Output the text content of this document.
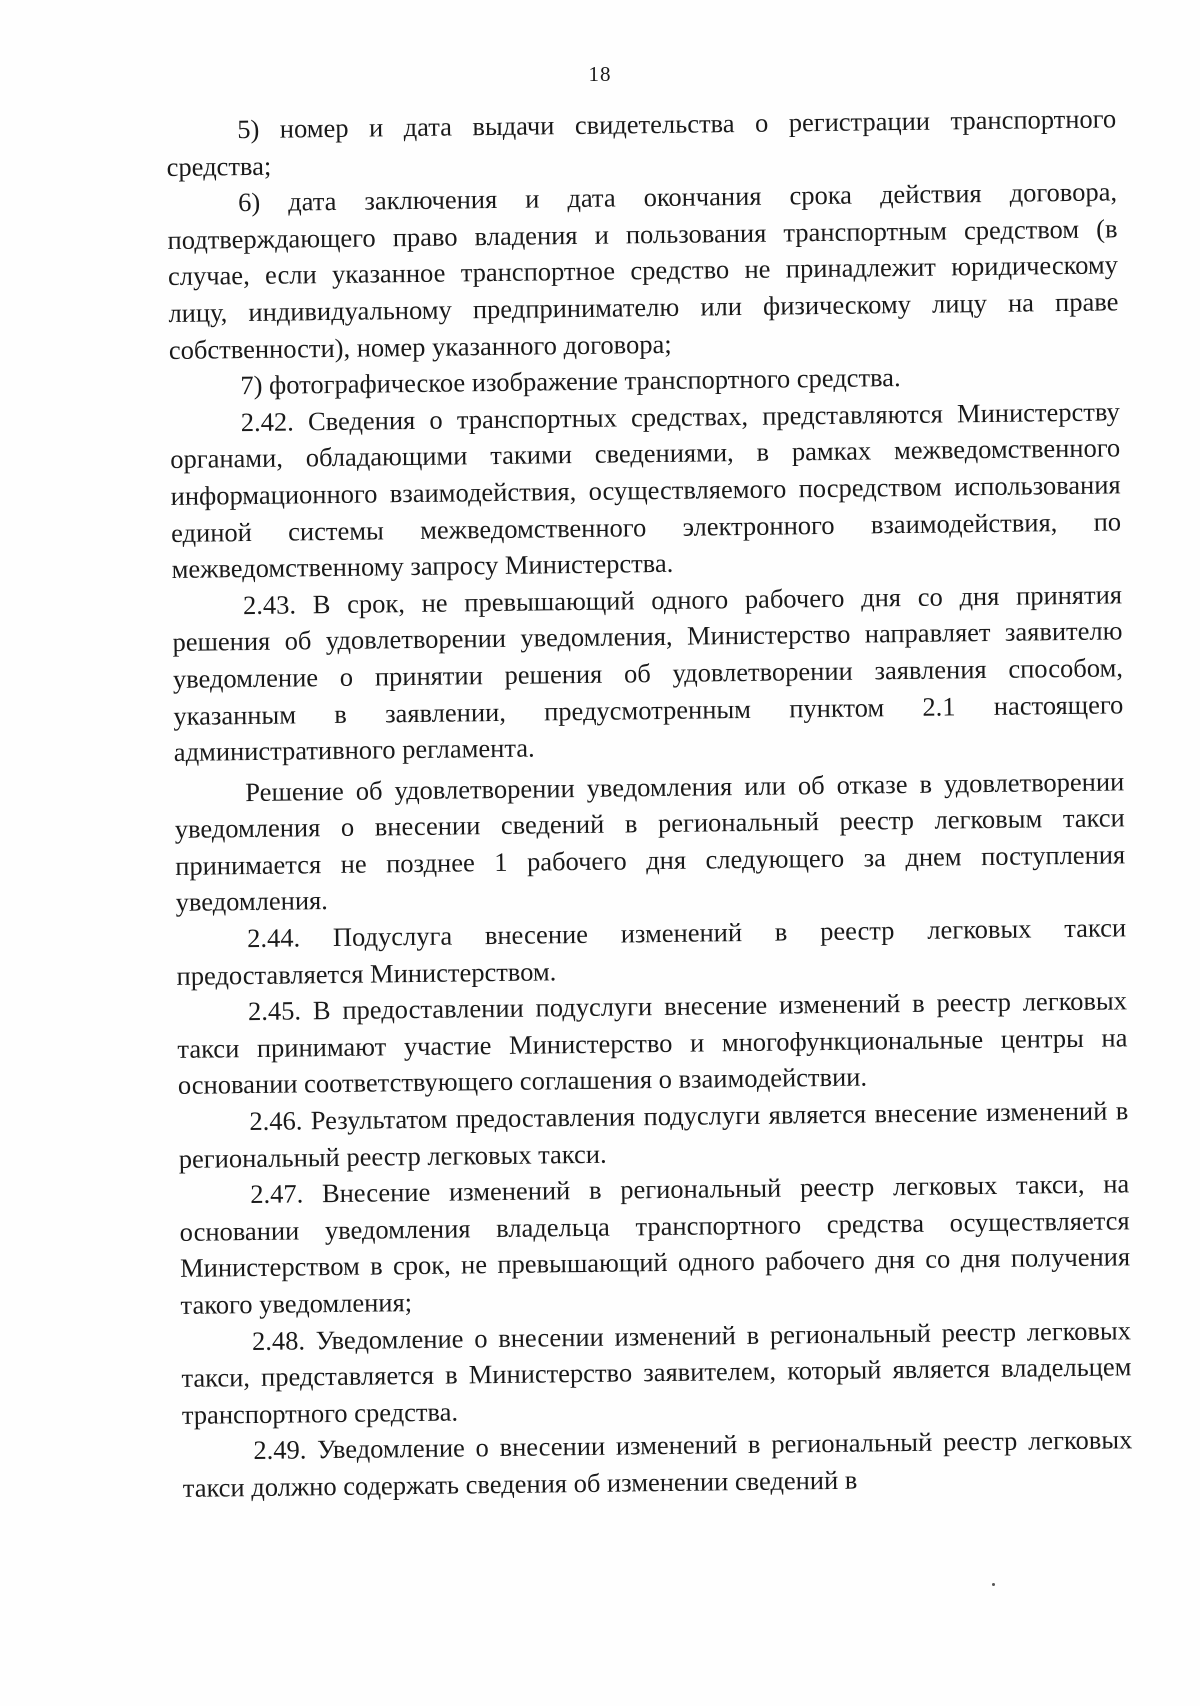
18

5) номер и дата выдачи свидетельства о регистрации транспортного средства;

6) дата заключения и дата окончания срока действия договора, подтверждающего право владения и пользования транспортным средством (в случае, если указанное транспортное средство не принадлежит юридическому лицу, индивидуальному предпринимателю или физическому лицу на праве собственности), номер указанного договора;

7) фотографическое изображение транспортного средства.

2.42. Сведения о транспортных средствах, представляются Министерству органами, обладающими такими сведениями, в рамках межведомственного информационного взаимодействия, осуществляемого посредством использования единой системы межведомственного электронного взаимодействия, по межведомственному запросу Министерства.

2.43. В срок, не превышающий одного рабочего дня со дня принятия решения об удовлетворении уведомления, Министерство направляет заявителю уведомление о принятии решения об удовлетворении заявления способом, указанным в заявлении, предусмотренным пунктом 2.1 настоящего административного регламента.

Решение об удовлетворении уведомления или об отказе в удовлетворении уведомления о внесении сведений в региональный реестр легковым такси принимается не позднее 1 рабочего дня следующего за днем поступления уведомления.

2.44. Подуслуга внесение изменений в реестр легковых такси предоставляется Министерством.

2.45. В предоставлении подуслуги внесение изменений в реестр легковых такси принимают участие Министерство и многофункциональные центры на основании соответствующего соглашения о взаимодействии.

2.46. Результатом предоставления подуслуги является внесение изменений в региональный реестр легковых такси.

2.47. Внесение изменений в региональный реестр легковых такси, на основании уведомления владельца транспортного средства осуществляется Министерством в срок, не превышающий одного рабочего дня со дня получения такого уведомления;

2.48. Уведомление о внесении изменений в региональный реестр легковых такси, представляется в Министерство заявителем, который является владельцем транспортного средства.

2.49. Уведомление о внесении изменений в региональный реестр легковых такси должно содержать сведения об изменении сведений в
